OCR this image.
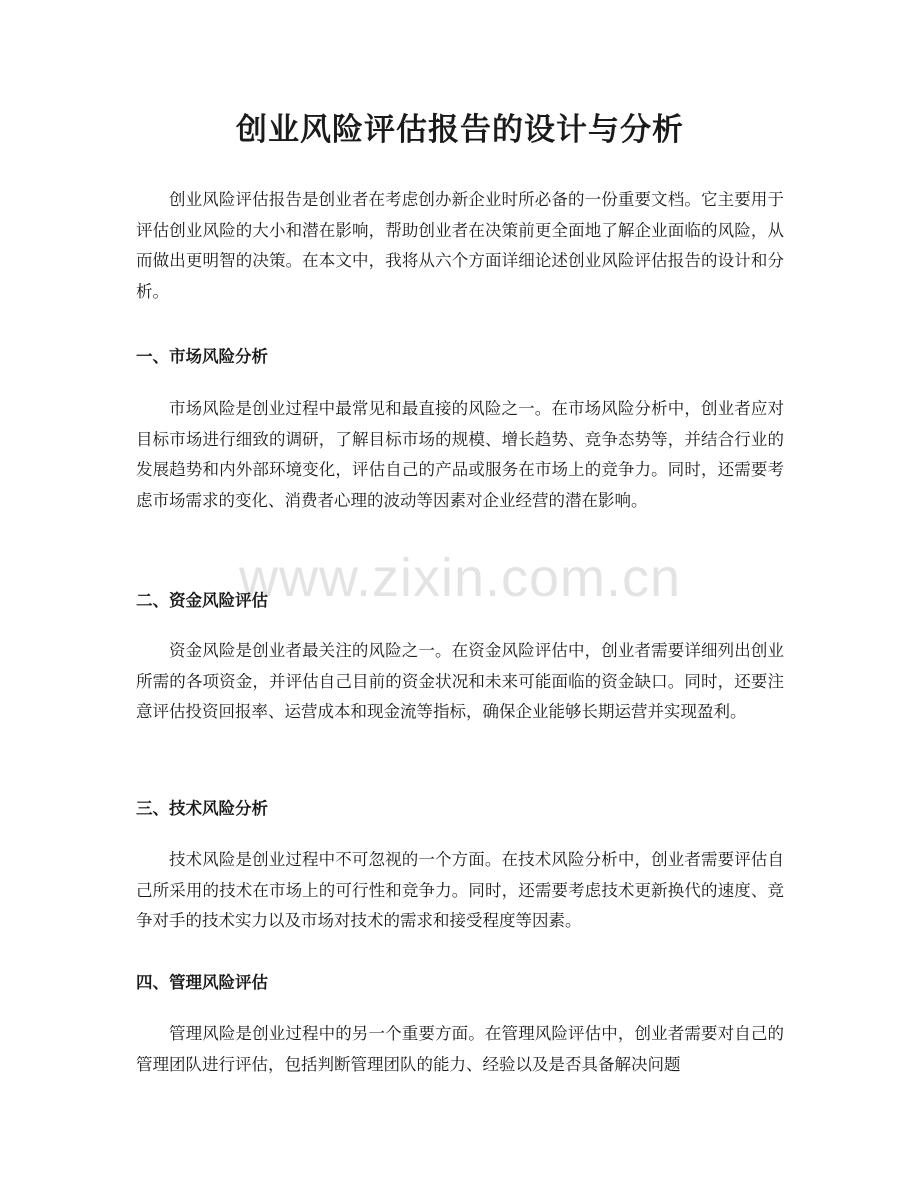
创业风险评估报告的设计与分析

创业风险评估报告是创业者在考虑创办新企业时所必备的一份重要文档。它主要用于评估创业风险的大小和潜在影响，帮助创业者在决策前更全面地了解企业面临的风险，从而做出更明智的决策。在本文中，我将从六个方面详细论述创业风险评估报告的设计和分析。

一、市场风险分析

市场风险是创业过程中最常见和最直接的风险之一。在市场风险分析中，创业者应对目标市场进行细致的调研，了解目标市场的规模、增长趋势、竞争态势等，并结合行业的发展趋势和内外部环境变化，评估自己的产品或服务在市场上的竞争力。同时，还需要考虑市场需求的变化、消费者心理的波动等因素对企业经营的潜在影响。

二、资金风险评估

资金风险是创业者最关注的风险之一。在资金风险评估中，创业者需要详细列出创业所需的各项资金，并评估自己目前的资金状况和未来可能面临的资金缺口。同时，还要注意评估投资回报率、运营成本和现金流等指标，确保企业能够长期运营并实现盈利。

三、技术风险分析

技术风险是创业过程中不可忽视的一个方面。在技术风险分析中，创业者需要评估自己所采用的技术在市场上的可行性和竞争力。同时，还需要考虑技术更新换代的速度、竞争对手的技术实力以及市场对技术的需求和接受程度等因素。

四、管理风险评估

管理风险是创业过程中的另一个重要方面。在管理风险评估中，创业者需要对自己的管理团队进行评估，包括判断管理团队的能力、经验以及是否具备解决问题

www.zixin.com.cn
